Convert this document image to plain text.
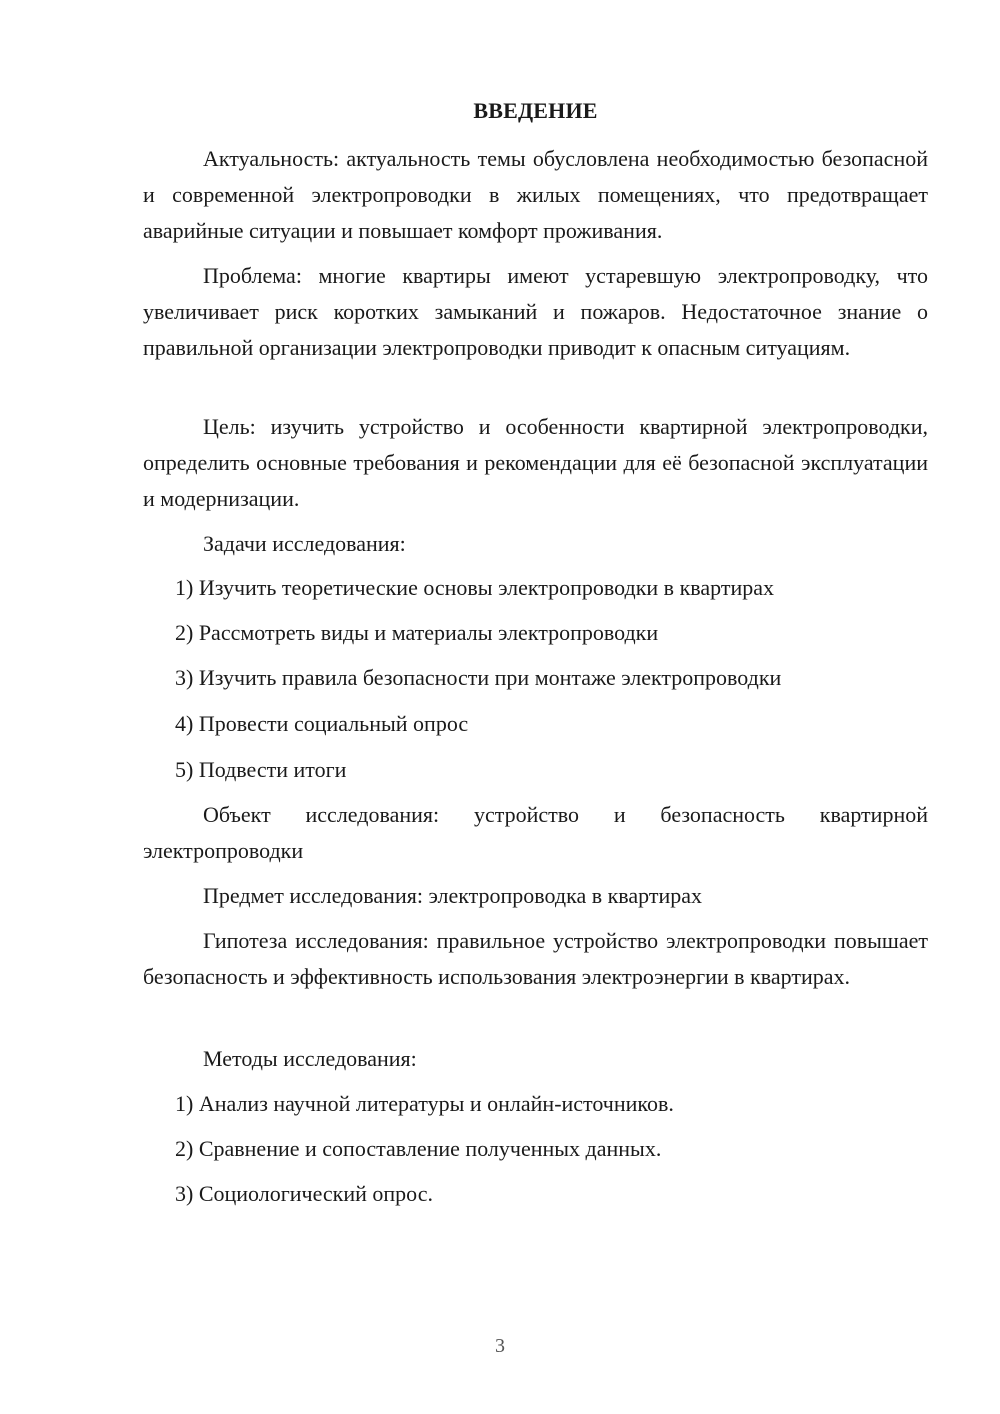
ВВЕДЕНИЕ
Актуальность: актуальность темы обусловлена необходимостью безопасной и современной электропроводки в жилых помещениях, что предотвращает аварийные ситуации и повышает комфорт проживания.
Проблема: многие квартиры имеют устаревшую электропроводку, что увеличивает риск коротких замыканий и пожаров. Недостаточное знание о правильной организации электропроводки приводит к опасным ситуациям.
Цель: изучить устройство и особенности квартирной электропроводки, определить основные требования и рекомендации для её безопасной эксплуатации и модернизации.
Задачи исследования:
1) Изучить теоретические основы электропроводки в квартирах
2) Рассмотреть виды и материалы электропроводки
3) Изучить правила безопасности при монтаже электропроводки
4) Провести социальный опрос
5) Подвести итоги
Объект исследования: устройство и безопасность квартирной электропроводки
Предмет исследования: электропроводка в квартирах
Гипотеза исследования: правильное устройство электропроводки повышает безопасность и эффективность использования электроэнергии в квартирах.
Методы исследования:
1) Анализ научной литературы и онлайн-источников.
2) Сравнение и сопоставление полученных данных.
3) Социологический опрос.
3
